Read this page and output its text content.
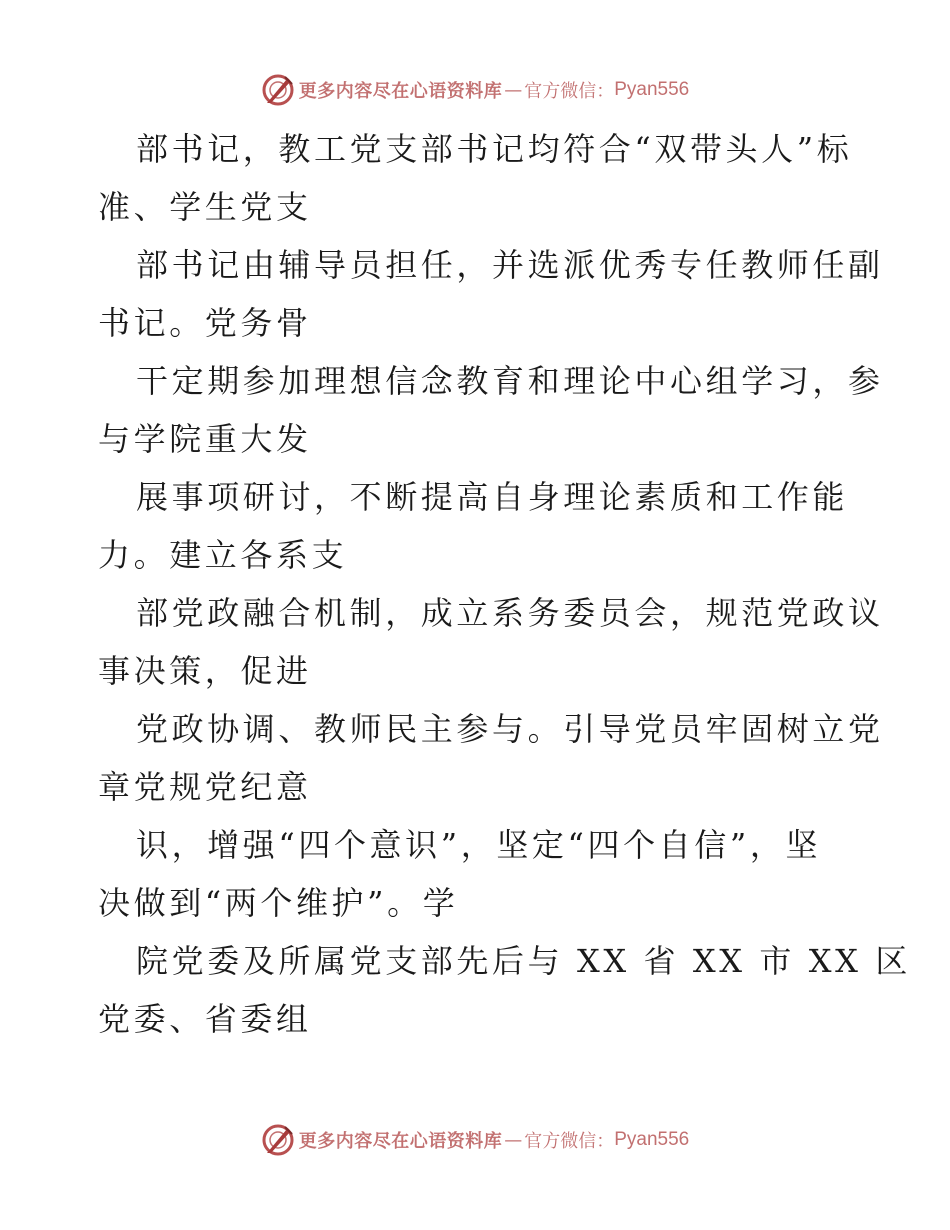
更多内容尽在心语资料库 — 官方微信： Pyan556
部书记，教工党支部书记均符合“双带头人”标
准、学生党支
部书记由辅导员担任，并选派优秀专任教师任副
书记。党务骨
干定期参加理想信念教育和理论中心组学习，参
与学院重大发
展事项研讨，不断提高自身理论素质和工作能
力。建立各系支
部党政融合机制，成立系务委员会，规范党政议
事决策，促进
党政协调、教师民主参与。引导党员牢固树立党
章党规党纪意
识，增强“四个意识”，坚定“四个自信”，坚
决做到“两个维护”。学
院党委及所属党支部先后与 XX 省 XX 市 XX 区
党委、省委组
更多内容尽在心语资料库 — 官方微信： Pyan556
